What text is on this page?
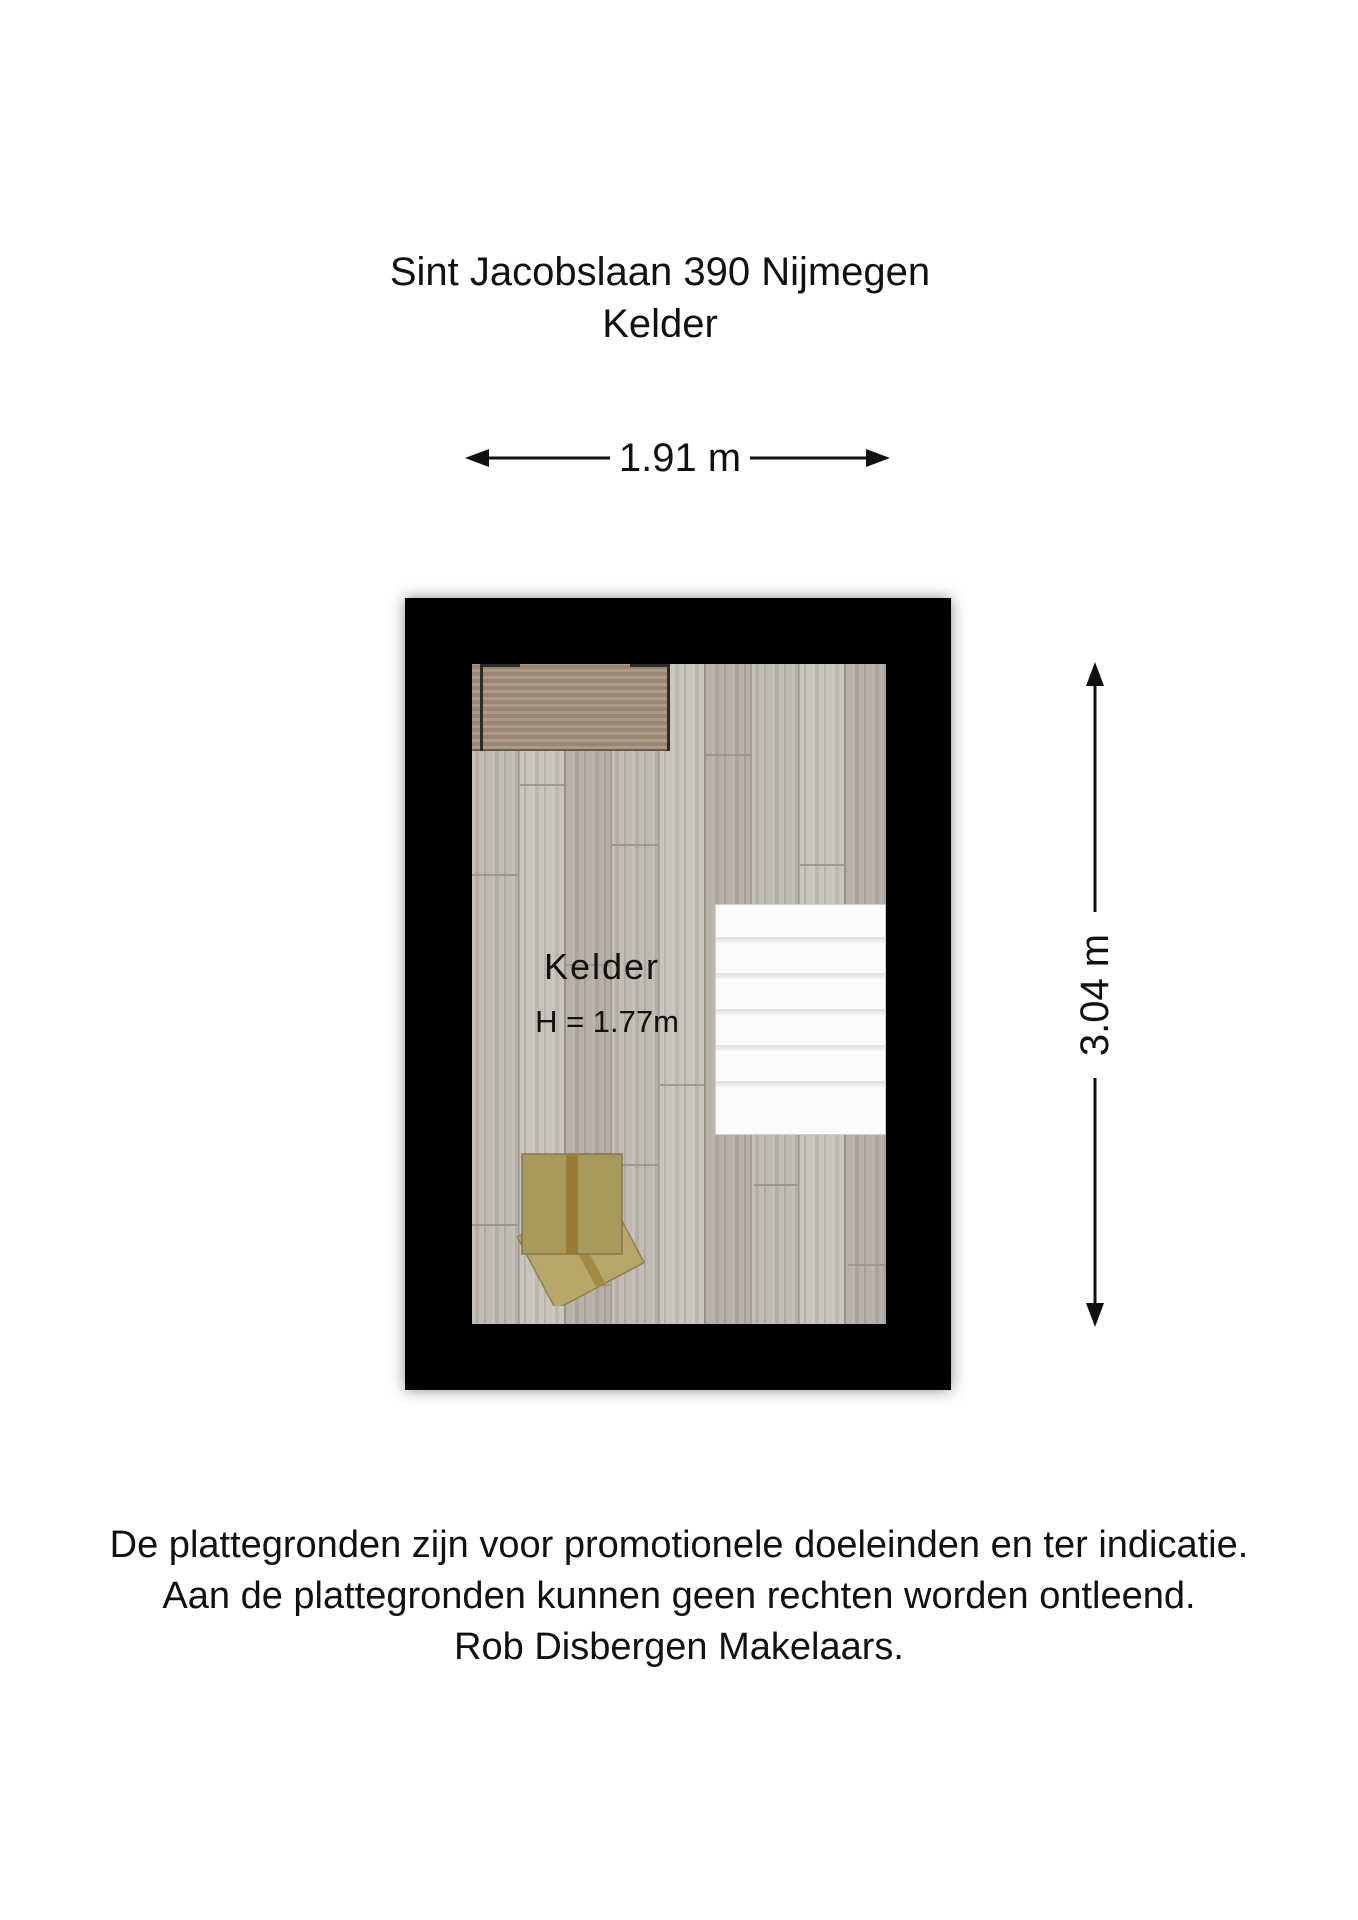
Sint Jacobslaan 390 Nijmegen
Kelder
1.91 m
3.04 m
Kelder
H = 1.77m
De plattegronden zijn voor promotionele doeleinden en ter indicatie.
Aan de plattegronden kunnen geen rechten worden ontleend.
Rob Disbergen Makelaars.
